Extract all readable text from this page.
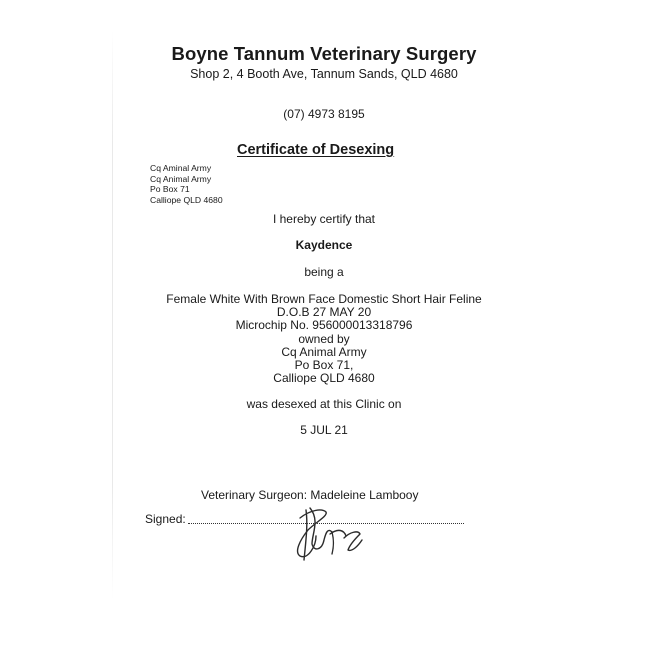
Boyne Tannum Veterinary Surgery
Shop 2, 4 Booth Ave, Tannum Sands, QLD 4680
(07) 4973 8195
Certificate of Desexing
Cq Aminal Army
Cq Animal Army
Po Box 71
Calliope QLD 4680
I hereby certify that
Kaydence
being a
Female White With Brown Face Domestic Short Hair Feline
D.O.B 27 MAY 20
Microchip No. 956000013318796
owned by
Cq Animal Army
Po Box 71,
Calliope QLD 4680
was desexed at this Clinic on
5 JUL 21
Veterinary Surgeon: Madeleine Lambooy
Signed:
